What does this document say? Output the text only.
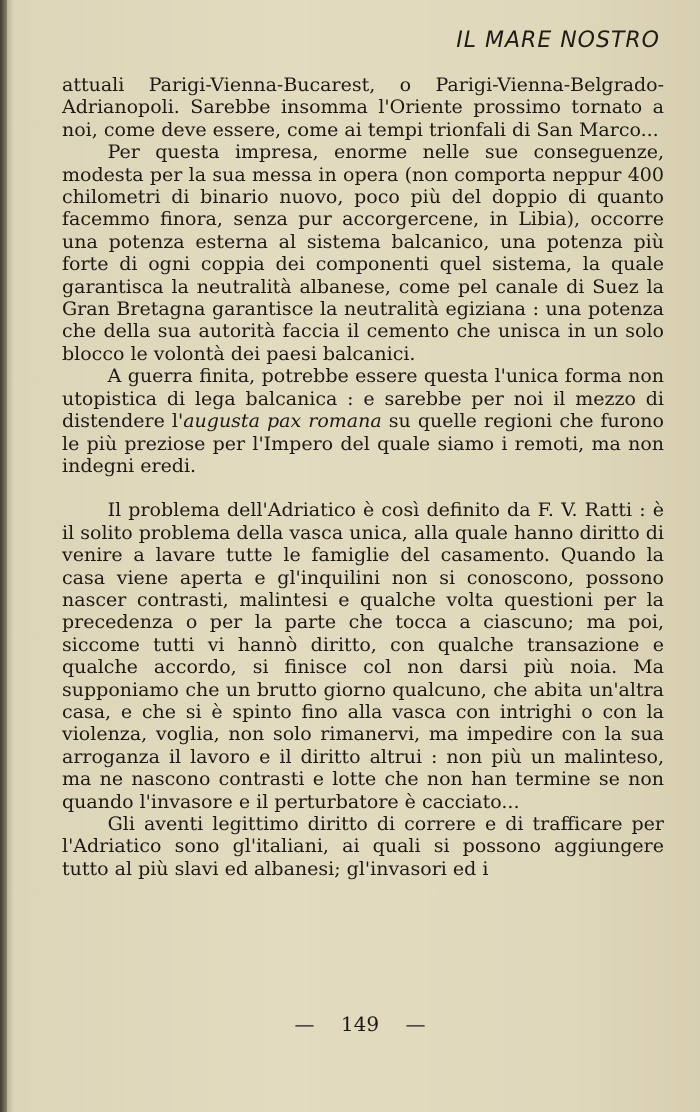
IL MARE NOSTRO

attuali Parigi-Vienna-Bucarest, o Parigi-Vienna-Belgrado-Adrianopoli. Sarebbe insomma l'Oriente prossimo tornato a noi, come deve essere, come ai tempi trionfali di San Marco...

Per questa impresa, enorme nelle sue conseguenze, modesta per la sua messa in opera (non comporta neppur 400 chilometri di binario nuovo, poco più del doppio di quanto facemmo finora, senza pur accorgercene, in Libia), occorre una potenza esterna al sistema balcanico, una potenza più forte di ogni coppia dei componenti quel sistema, la quale garantisca la neutralità albanese, come pel canale di Suez la Gran Bretagna garantisce la neutralità egiziana : una potenza che della sua autorità faccia il cemento che unisca in un solo blocco le volontà dei paesi balcanici.

A guerra finita, potrebbe essere questa l'unica forma non utopistica di lega balcanica : e sarebbe per noi il mezzo di distendere l'augusta pax romana su quelle regioni che furono le più preziose per l'Impero del quale siamo i remoti, ma non indegni eredi.

Il problema dell'Adriatico è così definito da F. V. Ratti : è il solito problema della vasca unica, alla quale hanno diritto di venire a lavare tutte le famiglie del casamento. Quando la casa viene aperta e gl'inquilini non si conoscono, possono nascer contrasti, malintesi e qualche volta questioni per la precedenza o per la parte che tocca a ciascuno; ma poi, siccome tutti vi hannò diritto, con qualche transazione e qualche accordo, si finisce col non darsi più noia. Ma supponiamo che un brutto giorno qualcuno, che abita un'altra casa, e che si è spinto fino alla vasca con intrighi o con la violenza, voglia, non solo rimanervi, ma impedire con la sua arroganza il lavoro e il diritto altrui : non più un malinteso, ma ne nascono contrasti e lotte che non han termine se non quando l'invasore e il perturbatore è cacciato...

Gli aventi legittimo diritto di correre e di trafficare per l'Adriatico sono gl'italiani, ai quali si possono aggiungere tutto al più slavi ed albanesi; gl'invasori ed i

— 149 —
